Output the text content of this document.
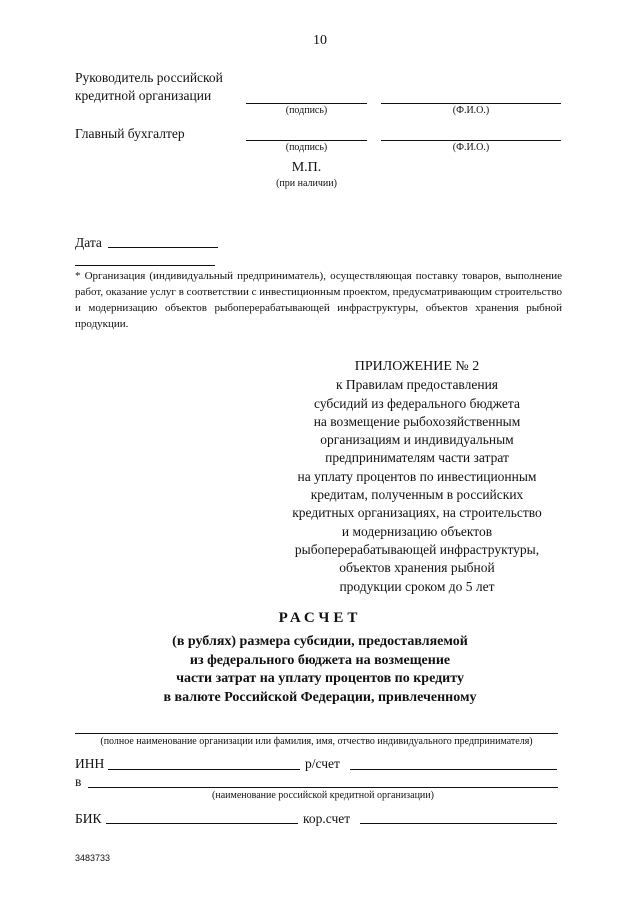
10
Руководитель российской
кредитной организации
(подпись)	(Ф.И.О.)
Главный бухгалтер
(подпись)	(Ф.И.О.)
М.П.
(при наличии)
Дата
* Организация (индивидуальный предприниматель), осуществляющая поставку товаров, выполнение работ, оказание услуг в соответствии с инвестиционным проектом, предусматривающим строительство и модернизацию объектов рыбоперерабатывающей инфраструктуры, объектов хранения рыбной продукции.
ПРИЛОЖЕНИЕ № 2
к Правилам предоставления
субсидий из федерального бюджета
на возмещение рыбохозяйственным
организациям и индивидуальным
предпринимателям части затрат
на уплату процентов по инвестиционным
кредитам, полученным в российских
кредитных организациях, на строительство
и модернизацию объектов
рыбоперерабатывающей инфраструктуры,
объектов хранения рыбной
продукции сроком до 5 лет
РАСЧЕТ
(в рублях) размера субсидии, предоставляемой
из федерального бюджета на возмещение
части затрат на уплату процентов по кредиту
в валюте Российской Федерации, привлеченному
(полное наименование организации или фамилия, имя, отчество индивидуального предпринимателя)
ИНН	р/счет
в
(наименование российской кредитной организации)
БИК	кор.счет
3483733
